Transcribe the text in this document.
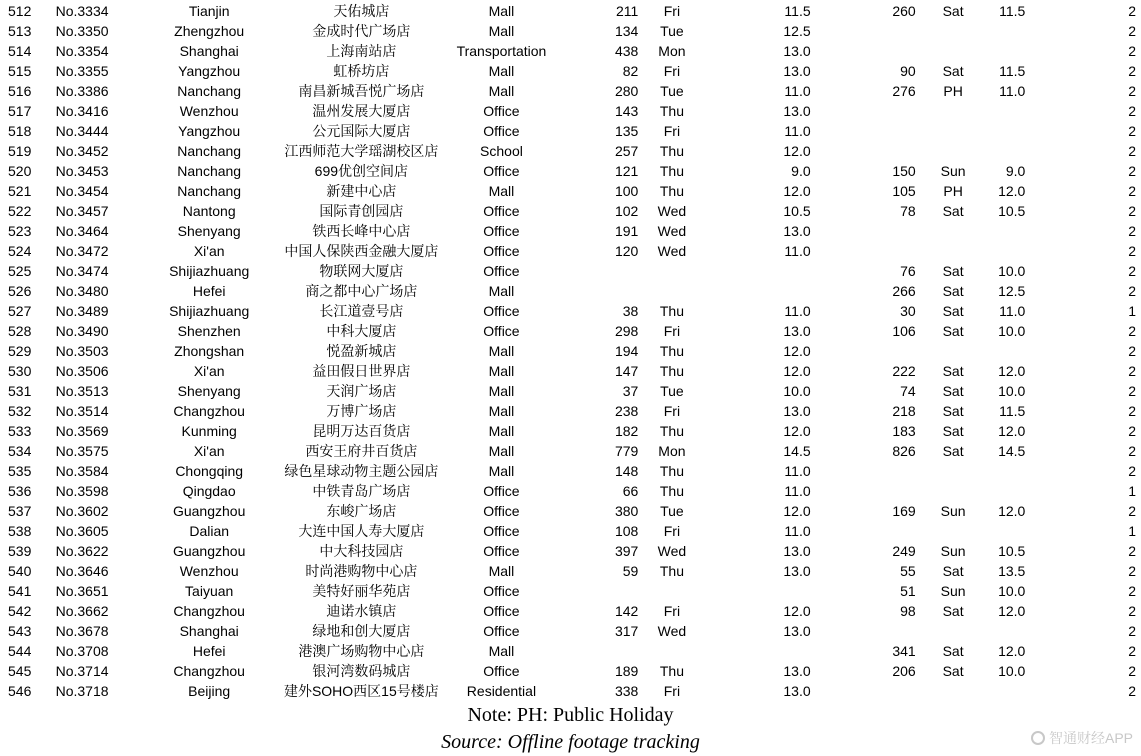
512	No.3334	Tianjin	天佑城店	Mall	211	Fri	11.5	260	Sat	11.5	2
513	No.3350	Zhengzhou	金成时代广场店	Mall	134	Tue	12.5				2
514	No.3354	Shanghai	上海南站店	Transportation	438	Mon	13.0				2
515	No.3355	Yangzhou	虹桥坊店	Mall	82	Fri	13.0	90	Sat	11.5	2
516	No.3386	Nanchang	南昌新城吾悦广场店	Mall	280	Tue	11.0	276	PH	11.0	2
517	No.3416	Wenzhou	温州发展大厦店	Office	143	Thu	13.0				2
518	No.3444	Yangzhou	公元国际大厦店	Office	135	Fri	11.0				2
519	No.3452	Nanchang	江西师范大学瑶湖校区店	School	257	Thu	12.0				2
520	No.3453	Nanchang	699优创空间店	Office	121	Thu	9.0	150	Sun	9.0	2
521	No.3454	Nanchang	新建中心店	Mall	100	Thu	12.0	105	PH	12.0	2
522	No.3457	Nantong	国际青创园店	Office	102	Wed	10.5	78	Sat	10.5	2
523	No.3464	Shenyang	铁西长峰中心店	Office	191	Wed	13.0				2
524	No.3472	Xi'an	中国人保陕西金融大厦店	Office	120	Wed	11.0				2
525	No.3474	Shijiazhuang	物联网大厦店	Office				76	Sat	10.0	2
526	No.3480	Hefei	商之都中心广场店	Mall				266	Sat	12.5	2
527	No.3489	Shijiazhuang	长江道壹号店	Office	38	Thu	11.0	30	Sat	11.0	1
528	No.3490	Shenzhen	中科大厦店	Office	298	Fri	13.0	106	Sat	10.0	2
529	No.3503	Zhongshan	悦盈新城店	Mall	194	Thu	12.0				2
530	No.3506	Xi'an	益田假日世界店	Mall	147	Thu	12.0	222	Sat	12.0	2
531	No.3513	Shenyang	天润广场店	Mall	37	Tue	10.0	74	Sat	10.0	2
532	No.3514	Changzhou	万博广场店	Mall	238	Fri	13.0	218	Sat	11.5	2
533	No.3569	Kunming	昆明万达百货店	Mall	182	Thu	12.0	183	Sat	12.0	2
534	No.3575	Xi'an	西安王府井百货店	Mall	779	Mon	14.5	826	Sat	14.5	2
535	No.3584	Chongqing	绿色星球动物主题公园店	Mall	148	Thu	11.0				2
536	No.3598	Qingdao	中铁青岛广场店	Office	66	Thu	11.0				1
537	No.3602	Guangzhou	东峻广场店	Office	380	Tue	12.0	169	Sun	12.0	2
538	No.3605	Dalian	大连中国人寿大厦店	Office	108	Fri	11.0				1
539	No.3622	Guangzhou	中大科技园店	Office	397	Wed	13.0	249	Sun	10.5	2
540	No.3646	Wenzhou	时尚港购物中心店	Mall	59	Thu	13.0	55	Sat	13.5	2
541	No.3651	Taiyuan	美特好丽华苑店	Office				51	Sun	10.0	2
542	No.3662	Changzhou	迪诺水镇店	Office	142	Fri	12.0	98	Sat	12.0	2
543	No.3678	Shanghai	绿地和创大厦店	Office	317	Wed	13.0				2
544	No.3708	Hefei	港澳广场购物中心店	Mall				341	Sat	12.0	2
545	No.3714	Changzhou	银河湾数码城店	Office	189	Thu	13.0	206	Sat	10.0	2
546	No.3718	Beijing	建外SOHO西区15号楼店	Residential	338	Fri	13.0				2
Note: PH: Public Holiday
Source: Offline footage tracking	智通财经APP
